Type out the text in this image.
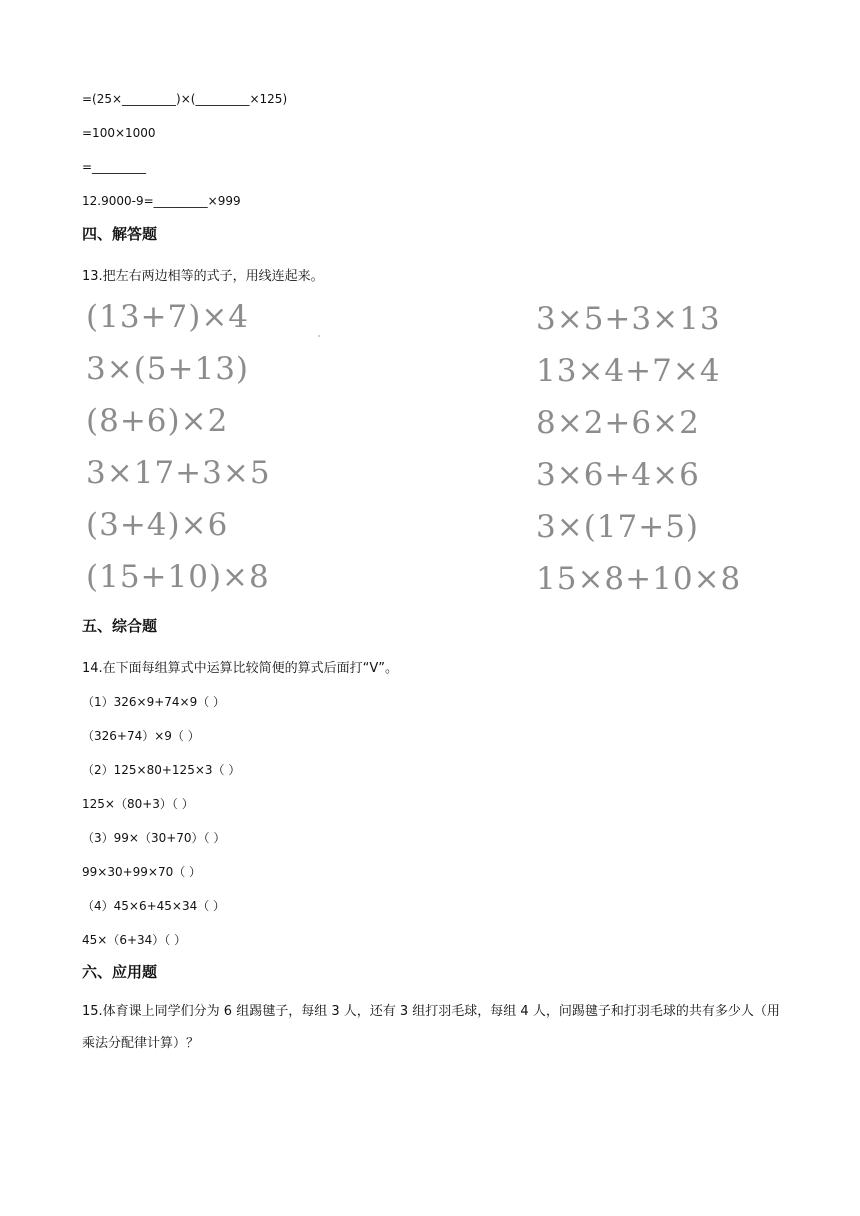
=(25×_________)×(_________×125)
=100×1000
=_________
12.9000-9=_________×999
四、解答题
13.把左右两边相等的式子，用线连起来。
(13+7)×4
3×(5+13)
(8+6)×2
3×17+3×5
(3+4)×6
(15+10)×8
3×5+3×13
13×4+7×4
8×2+6×2
3×6+4×6
3×(17+5)
15×8+10×8
五、综合题
14.在下面每组算式中运算比较简便的算式后面打“V”。
（1）326×9+74×9（ ）
（326+74）×9（ ）
（2）125×80+125×3（ ）
125×（80+3）（ ）
（3）99×（30+70）（ ）
99×30+99×70（ ）
（4）45×6+45×34（ ）
45×（6+34）（ ）
六、应用题
15.体育课上同学们分为 6 组踢毽子，每组 3 人，还有 3 组打羽毛球，每组 4 人，问踢毽子和打羽毛球的共有多少人（用乘法分配律计算）？
